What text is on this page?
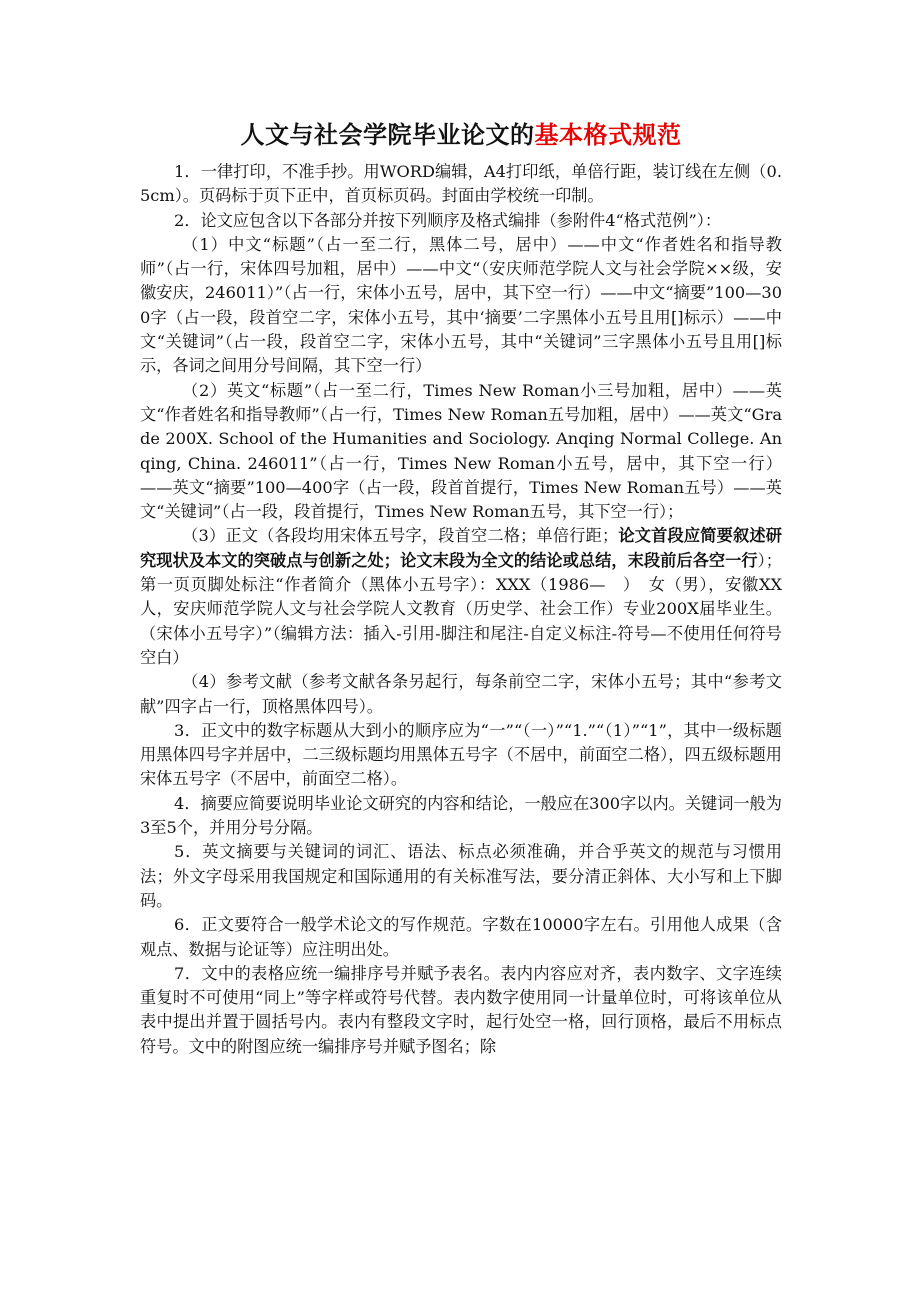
人文与社会学院毕业论文的基本格式规范

1．一律打印，不准手抄。用WORD编辑，A4打印纸，单倍行距，装订线在左侧（0.5cm）。页码标于页下正中，首页标页码。封面由学校统一印制。

2．论文应包含以下各部分并按下列顺序及格式编排（参附件4“格式范例”）：

（1）中文“标题”（占一至二行，黑体二号，居中）——中文“作者姓名和指导教师”（占一行，宋体四号加粗，居中）——中文“（安庆师范学院人文与社会学院××级，安徽安庆，246011）”（占一行，宋体小五号，居中，其下空一行）——中文“摘要”100—300字（占一段，段首空二字，宋体小五号，其中‘摘要’二字黑体小五号且用[]标示）——中文“关键词”（占一段，段首空二字，宋体小五号，其中“关键词”三字黑体小五号且用[]标示，各词之间用分号间隔，其下空一行）

（2）英文“标题”（占一至二行，Times New Roman小三号加粗，居中）——英文“作者姓名和指导教师”（占一行，Times New Roman五号加粗，居中）——英文“Grade 200X. School of the Humanities and Sociology. Anqing Normal College. Anqing, China. 246011”（占一行，Times New Roman小五号，居中，其下空一行）——英文“摘要”100—400字（占一段，段首首提行，Times New Roman五号）——英文“关键词”（占一段，段首提行，Times New Roman五号，其下空一行）；

（3）正文（各段均用宋体五号字，段首空二格；单倍行距；论文首段应简要叙述研究现状及本文的突破点与创新之处；论文末段为全文的结论或总结，末段前后各空一行）；第一页页脚处标注“作者简介（黑体小五号字）：XXX（1986—　）　女（男），安徽XX人，安庆师范学院人文与社会学院人文教育（历史学、社会工作）专业200X届毕业生。（宋体小五号字）”（编辑方法：插入-引用-脚注和尾注-自定义标注-符号—不使用任何符号空白）

（4）参考文献（参考文献各条另起行，每条前空二字，宋体小五号；其中“参考文献”四字占一行，顶格黑体四号）。

3．正文中的数字标题从大到小的顺序应为“一”“（一）”“1.”“（1）”“1”，其中一级标题用黑体四号字并居中，二三级标题均用黑体五号字（不居中，前面空二格），四五级标题用宋体五号字（不居中，前面空二格）。

4．摘要应简要说明毕业论文研究的内容和结论，一般应在300字以内。关键词一般为3至5个，并用分号分隔。

5．英文摘要与关键词的词汇、语法、标点必须准确，并合乎英文的规范与习惯用法；外文字母采用我国规定和国际通用的有关标准写法，要分清正斜体、大小写和上下脚码。

6．正文要符合一般学术论文的写作规范。字数在10000字左右。引用他人成果（含观点、数据与论证等）应注明出处。

7．文中的表格应统一编排序号并赋予表名。表内内容应对齐，表内数字、文字连续重复时不可使用“同上”等字样或符号代替。表内数字使用同一计量单位时，可将该单位从表中提出并置于圆括号内。表内有整段文字时，起行处空一格，回行顶格，最后不用标点符号。文中的附图应统一编排序号并赋予图名；除
